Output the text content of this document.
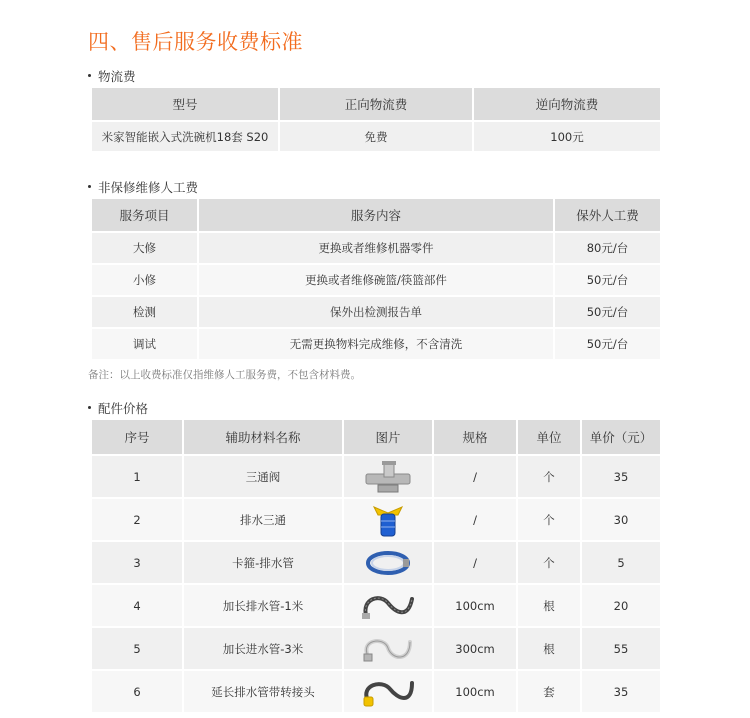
四、售后服务收费标准
物流费
型号	正向物流费	逆向物流费
米家智能嵌入式洗碗机18套 S20	免费	100元
非保修维修人工费
服务项目	服务内容	保外人工费
大修	更换或者维修机器零件	80元/台
小修	更换或者维修碗篮/筷篮部件	50元/台
检测	保外出检测报告单	50元/台
调试	无需更换物料完成维修，不含清洗	50元/台
备注：以上收费标准仅指维修人工服务费，不包含材料费。
配件价格
序号	辅助材料名称	图片	规格	单位	单价（元）
1	三通阀		/	个	35
2	排水三通		/	个	30
3	卡箍-排水管		/	个	5
4	加长排水管-1米		100cm	根	20
5	加长进水管-3米		300cm	根	55
6	延长排水管带转接头		100cm	套	35
